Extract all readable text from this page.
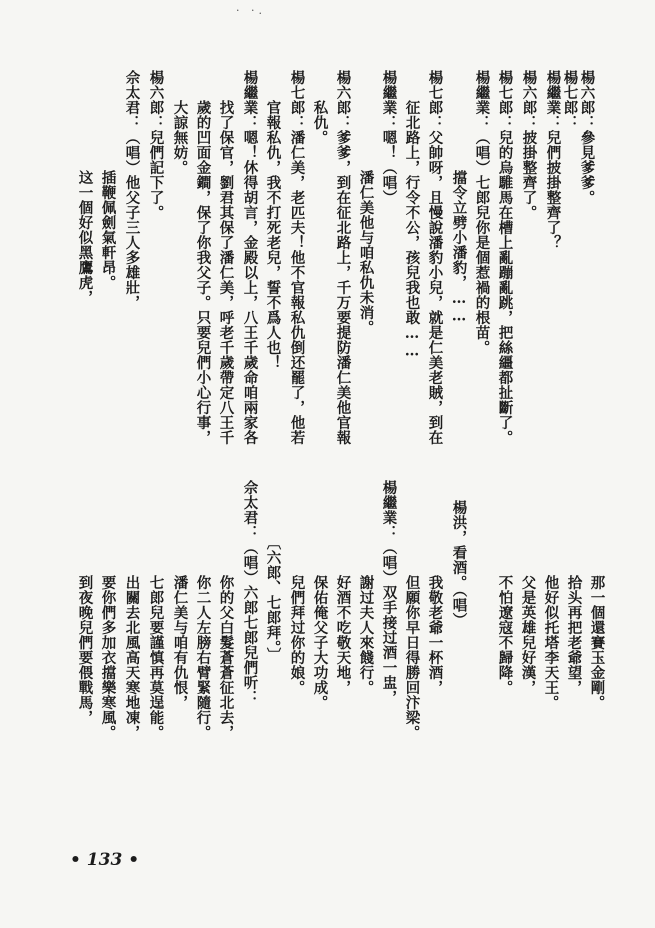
· ·.
楊六郎：參見爹爹。
楊七郎：
楊繼業：兒們披掛整齊了？
楊六郎：披掛整齊了。
楊七郎：兒的烏騅馬在槽上亂蹦亂跳，把絲繮都扯斷了。
楊繼業：（唱）七郎兒你是個惹禍的根苗。
擋令立劈小潘豹，……
楊七郎：父帥呀，且慢說潘豹小兒，就是仁美老賊，到在
征北路上，行令不公，孩兒我也敢……
楊繼業：嗯！（唱）
潘仁美他与咱私仇未消。
楊六郎：爹爹，到在征北路上，千万要提防潘仁美他官報
私仇。
楊七郎：潘仁美，老匹夫！他不官報私仇倒还罷了，他若
官報私仇，我不打死老兒，誓不爲人也！
楊繼業：嗯！休得胡言，金殿以上，八王千歲命咱兩家各
找了保官，劉君其保了潘仁美，呼老千歲帶定八王千
歲的凹面金鐧，保了你我父子。只要兒們小心行事，
大諒無妨。
楊六郎：兒們記下了。
佘太君：（唱）他父子三人多雄壯，
插鞭佩劍氣軒昂。
这一個好似黑鷹虎，
那一個還賽玉金剛。
拾头再把老爺望，
他好似托塔李天王。
父是英雄兒好漢，
不怕遼寇不歸降。
楊洪，看酒。（唱）
我敬老爺一杯酒，
但願你早日得勝回汴梁。
楊繼業：（唱）双手接过酒一盅，
謝过夫人來餞行。
好酒不吃敬天地，
保佑俺父子大功成。
兒們拜过你的娘。
〔六郎、七郎拜。〕
佘太君：（唱）六郎七郎兒們听：
你的父白髮蒼蒼征北去，
你二人左膀右臂緊隨行。
潘仁美与咱有仇恨，
七郎兒要謹慎再莫逞能。
出關去北風高天寒地凍，
要你們多加衣擋樂寒風。
到夜晚兒們要偎戰馬，
• 133 •
